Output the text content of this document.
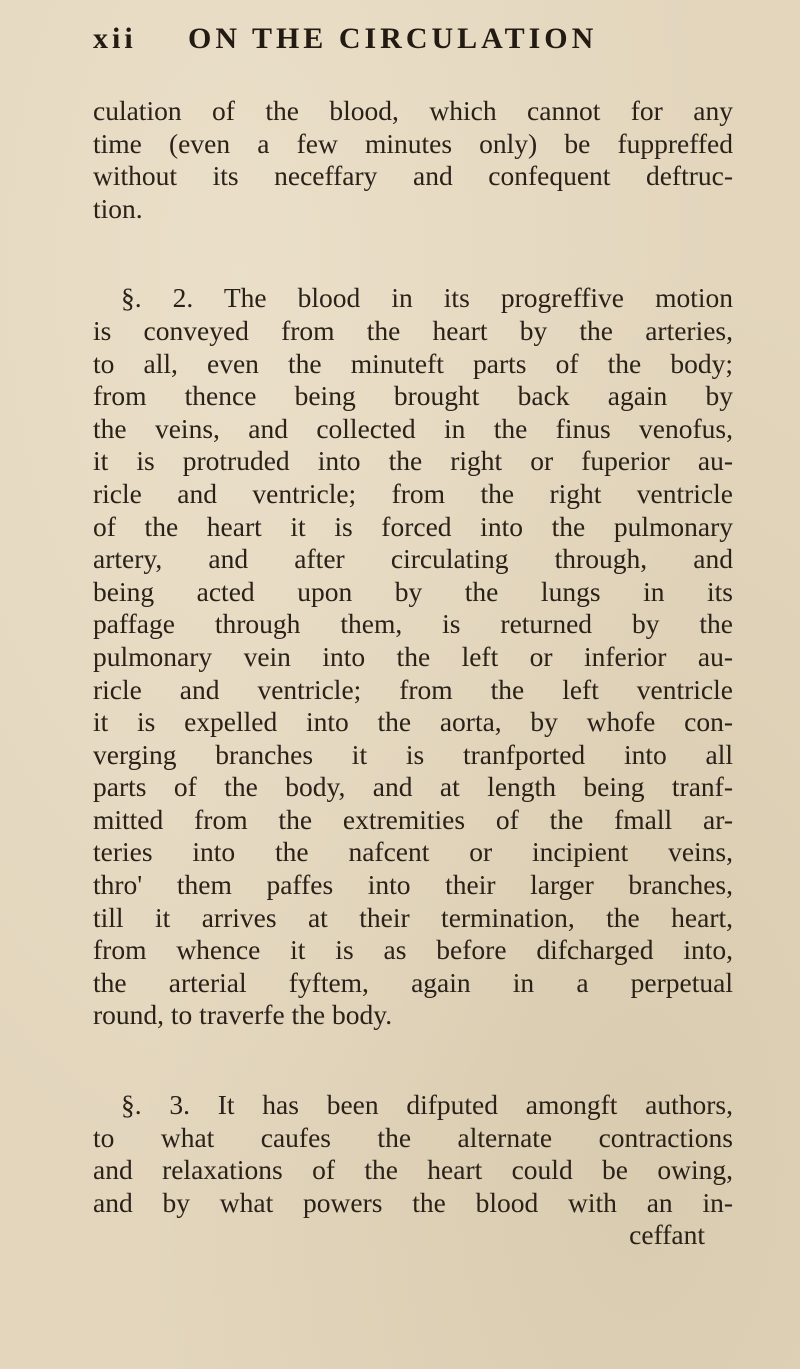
xii ON THE CIRCULATION
culation of the blood, which cannot for any
time (even a few minutes only) be fuppreffed
without its neceffary and confequent deftruc-
tion.
§. 2. The blood in its progreffive motion
is conveyed from the heart by the arteries,
to all, even the minuteft parts of the body;
from thence being brought back again by
the veins, and collected in the finus venofus,
it is protruded into the right or fuperior au-
ricle and ventricle; from the right ventricle
of the heart it is forced into the pulmonary
artery, and after circulating through, and
being acted upon by the lungs in its
paffage through them, is returned by the
pulmonary vein into the left or inferior au-
ricle and ventricle; from the left ventricle
it is expelled into the aorta, by whofe con-
verging branches it is tranfported into all
parts of the body, and at length being tranf-
mitted from the extremities of the fmall ar-
teries into the nafcent or incipient veins,
thro' them paffes into their larger branches,
till it arrives at their termination, the heart,
from whence it is as before difcharged into,
the arterial fyftem, again in a perpetual
round, to traverfe the body.
§. 3. It has been difputed amongft authors,
to what caufes the alternate contractions
and relaxations of the heart could be owing,
and by what powers the blood with an in-
ceffant
